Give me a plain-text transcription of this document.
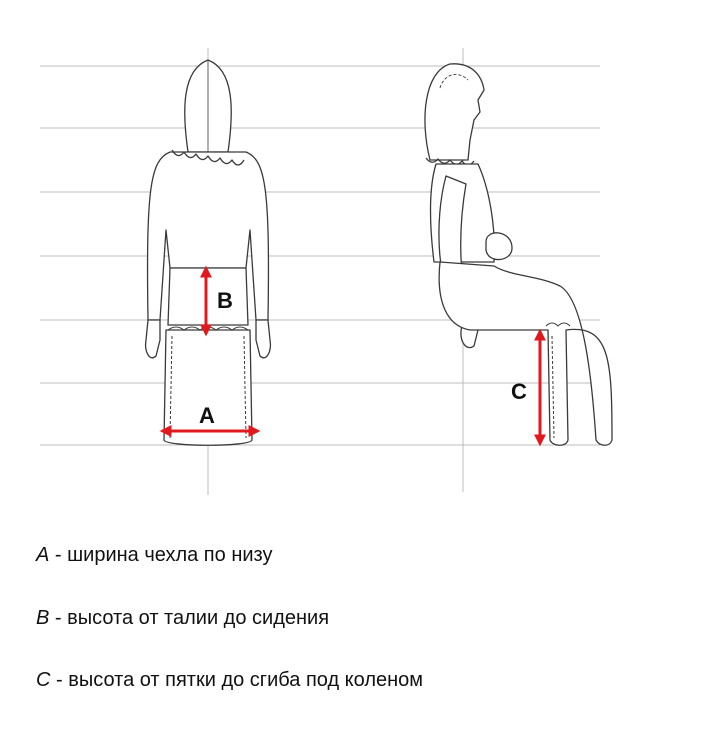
A
B
C
A - ширина чехла по низу
B - высота от талии до сидения
C - высота от пятки до сгиба под коленом
